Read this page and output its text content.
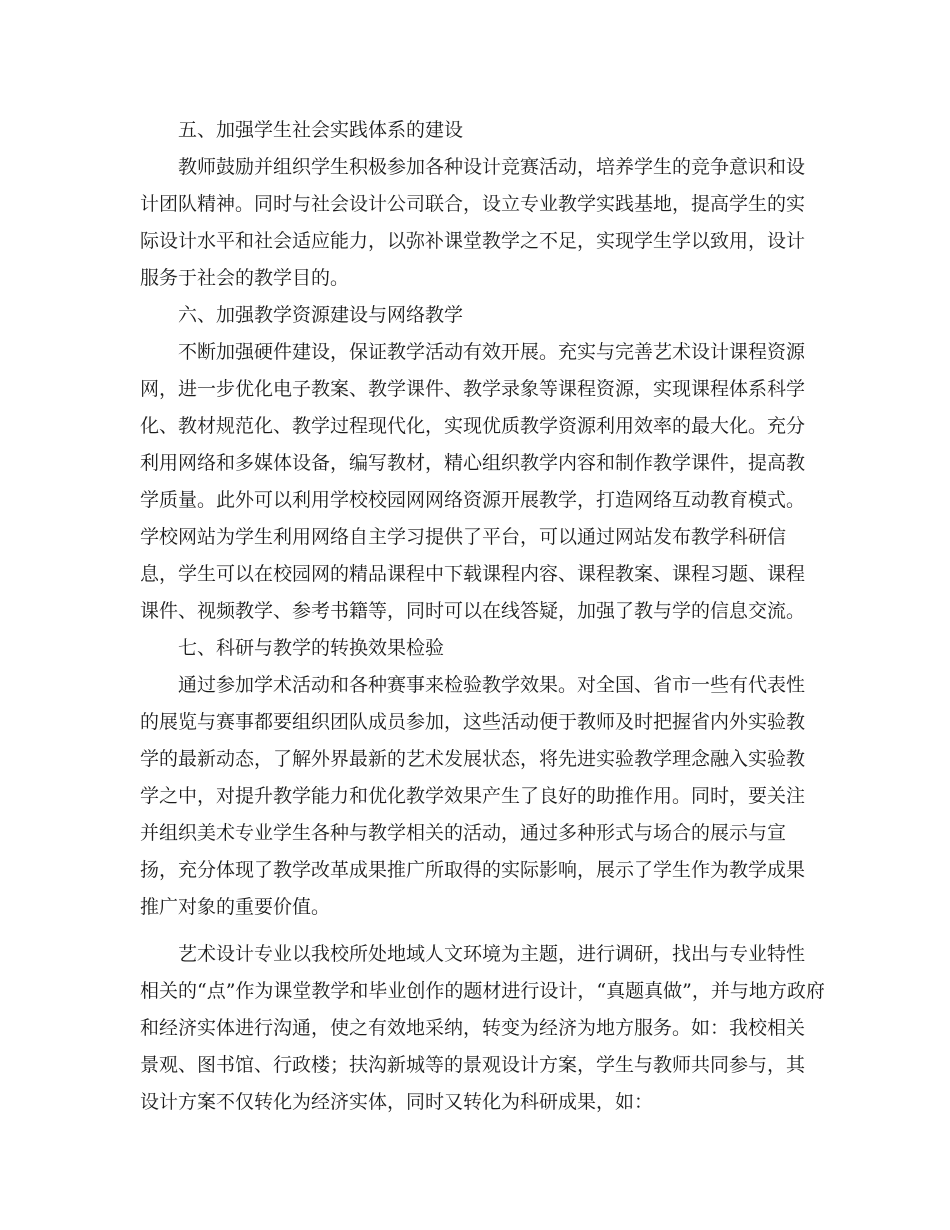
五、加强学生社会实践体系的建设
教师鼓励并组织学生积极参加各种设计竞赛活动，培养学生的竞争意识和设
计团队精神。同时与社会设计公司联合，设立专业教学实践基地，提高学生的实
际设计水平和社会适应能力，以弥补课堂教学之不足，实现学生学以致用，设计
服务于社会的教学目的。
六、加强教学资源建设与网络教学
不断加强硬件建设，保证教学活动有效开展。充实与完善艺术设计课程资源
网，进一步优化电子教案、教学课件、教学录象等课程资源，实现课程体系科学
化、教材规范化、教学过程现代化，实现优质教学资源利用效率的最大化。充分
利用网络和多媒体设备，编写教材，精心组织教学内容和制作教学课件，提高教
学质量。此外可以利用学校校园网网络资源开展教学，打造网络互动教育模式。
学校网站为学生利用网络自主学习提供了平台，可以通过网站发布教学科研信
息，学生可以在校园网的精品课程中下载课程内容、课程教案、课程习题、课程
课件、视频教学、参考书籍等，同时可以在线答疑，加强了教与学的信息交流。
七、科研与教学的转换效果检验
通过参加学术活动和各种赛事来检验教学效果。对全国、省市一些有代表性
的展览与赛事都要组织团队成员参加，这些活动便于教师及时把握省内外实验教
学的最新动态，了解外界最新的艺术发展状态，将先进实验教学理念融入实验教
学之中，对提升教学能力和优化教学效果产生了良好的助推作用。同时，要关注
并组织美术专业学生各种与教学相关的活动，通过多种形式与场合的展示与宣
扬，充分体现了教学改革成果推广所取得的实际影响，展示了学生作为教学成果
推广对象的重要价值。
艺术设计专业以我校所处地域人文环境为主题，进行调研，找出与专业特性
相关的“点”作为课堂教学和毕业创作的题材进行设计，“真题真做”，并与地方政府
和经济实体进行沟通，使之有效地采纳，转变为经济为地方服务。如：我校相关
景观、图书馆、行政楼；扶沟新城等的景观设计方案，学生与教师共同参与，其
设计方案不仅转化为经济实体，同时又转化为科研成果，如：
